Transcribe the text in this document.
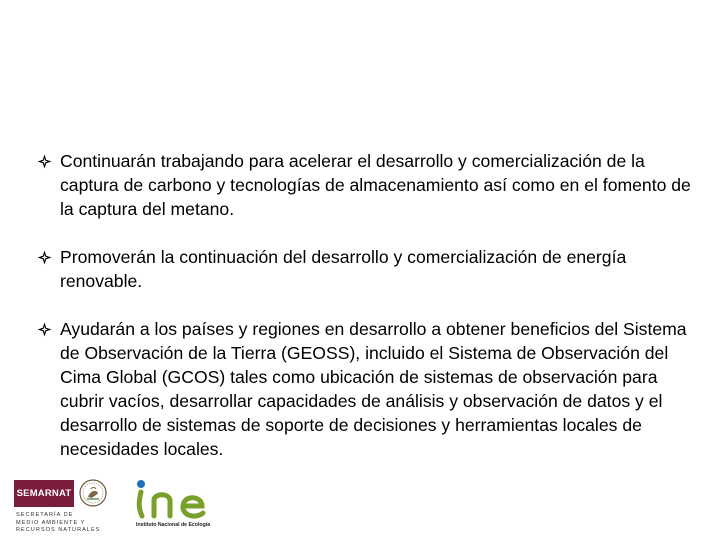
Continuarán trabajando para acelerar el desarrollo y comercialización de la captura de carbono y tecnologías de almacenamiento así como en el fomento de la captura del metano.
Promoverán la continuación del desarrollo y comercialización de energía renovable.
Ayudarán a los países y regiones en desarrollo a obtener beneficios del Sistema de Observación de la Tierra (GEOSS), incluido el Sistema de Observación del Cima Global (GCOS) tales como ubicación de sistemas de observación para cubrir vacíos, desarrollar capacidades de análisis y observación de datos y el desarrollo de sistemas de soporte de decisiones y herramientas locales de necesidades locales.
SEMARNAT
SECRETARÍA DE
MEDIO AMBIENTE Y
RECURSOS NATURALES
Instituto Nacional de Ecología
